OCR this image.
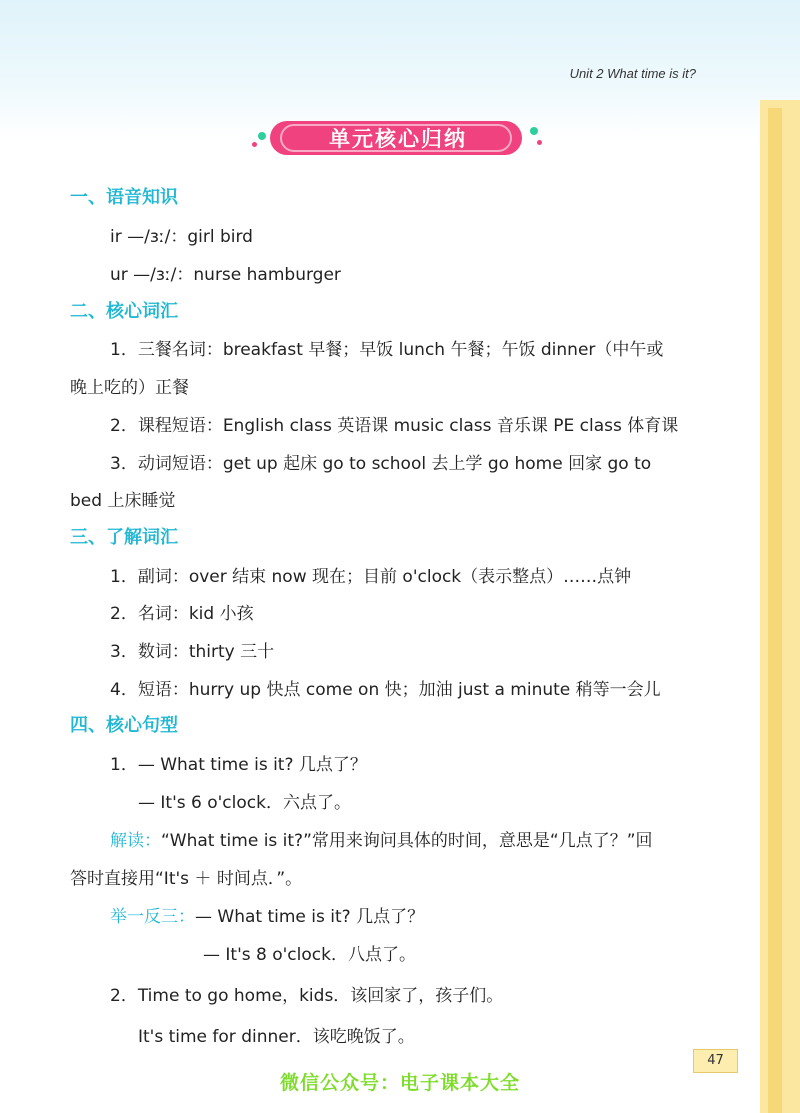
Unit 2 What time is it?
单元核心归纳
一、语音知识
ir —/ɜː/：girl bird
ur —/ɜː/：nurse hamburger
二、核心词汇
1．三餐名词：breakfast 早餐；早饭 lunch 午餐；午饭 dinner（中午或
晚上吃的）正餐
2．课程短语：English class 英语课 music class 音乐课 PE class 体育课
3．动词短语：get up 起床 go to school 去上学 go home 回家 go to
bed 上床睡觉
三、了解词汇
1．副词：over 结束 now 现在；目前 o'clock（表示整点）……点钟
2．名词：kid 小孩
3．数词：thirty 三十
4．短语：hurry up 快点 come on 快；加油 just a minute 稍等一会儿
四、核心句型
1．— What time is it? 几点了？
— It's 6 o'clock．六点了。
解读：“What time is it?”常用来询问具体的时间，意思是“几点了？”回
答时直接用“It's ＋ 时间点．”。
举一反三：— What time is it? 几点了？
— It's 8 o'clock．八点了。
2．Time to go home，kids．该回家了，孩子们。
It's time for dinner．该吃晚饭了。
47
微信公众号：电子课本大全
